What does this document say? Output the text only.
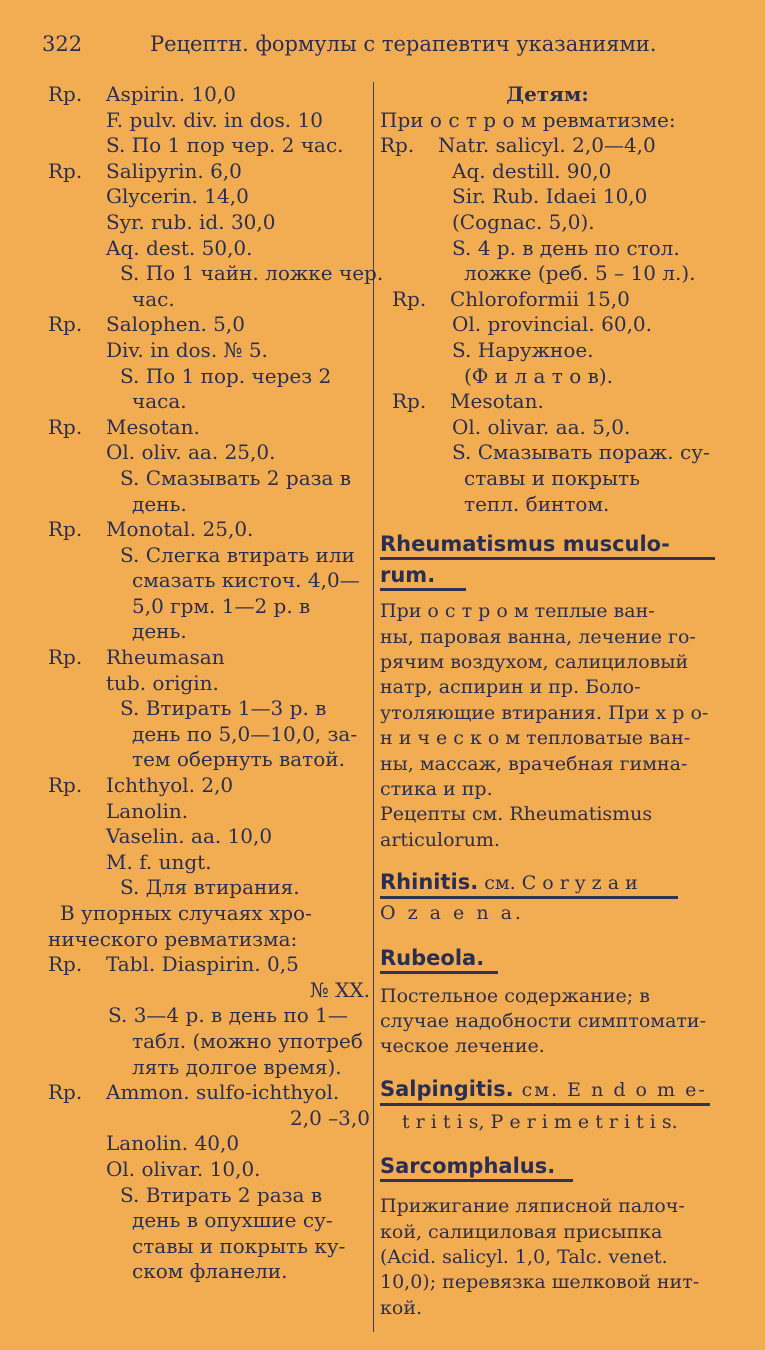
322	Рецептн. формулы с терапевтич указаниями.

Rp. Aspirin. 10,0

F. pulv. div. in dos. 10

S. По 1 пор чер. 2 час.

Rp. Salipyrin. 6,0

Glycerin. 14,0

Syr. rub. id. 30,0

Aq. dest. 50,0.

S. По 1 чайн. ложке чер.

час.

Rp. Salophen. 5,0

Div. in dos. № 5.

S. По 1 пор. через 2

часа.

Rp. Mesotan.

Ol. oliv. aa. 25,0.

S. Смазывать 2 раза в

день.

Rp. Monotal. 25,0.

S. Слегка втирать или

смазать кисточ. 4,0—

5,0 грм. 1—2 р. в

день.

Rp. Rheumasan

tub. origin.

S. Втирать 1—3 р. в

день по 5,0—10,0, за-

тем обернуть ватой.

Rp. Ichthyol. 2,0

Lanolin.

Vaselin. aa. 10,0

M. f. ungt.

S. Для втирания.

В упорных случаях хро-

нического ревматизма:

Rp. Tabl. Diaspirin. 0,5

№ XX.

S. 3—4 р. в день по 1—

табл. (можно употреб

лять долгое время).

Rp. Ammon. sulfo-ichthyol.

2,0 –3,0

Lanolin. 40,0

Ol. olivar. 10,0.

S. Втирать 2 раза в

день в опухшие су-

ставы и покрыть ку-

ском фланели.

Детям:

При о с т р о м ревматизме:

Rp. Natr. salicyl. 2,0—4,0

Aq. destill. 90,0

Sir. Rub. Idaei 10,0

(Cognac. 5,0).

S. 4 р. в день по стол.

ложке (реб. 5 – 10 л.).

Rp. Chloroformii 15,0

Ol. provincial. 60,0.

S. Наружное.

(Ф и л а т о в).

Rp. Mesotan.

Ol. olivar. aa. 5,0.

S. Смазывать пораж. су-

ставы и покрыть

тепл. бинтом.

Rheumatismus musculo-

rum.

При о с т р о м теплые ван-

ны, паровая ванна, лечение го-

рячим воздухом, салициловый

натр, аспирин и пр. Боло-

утоляющие втирания. При х р о-

н и ч е с к о м тепловатые ван-

ны, массаж, врачебная гимна-

стика и пр.

Рецепты см. Rheumatismus

articulorum.

Rhinitis. см. C o r y z a и

O z a e n a.

Rubeola.

Постельное содержание; в

случае надобности симптомати-

ческое лечение.

Salpingitis. см. E n d o m e-

t r i t i s, P e r i m e t r i t i s.

Sarcomphalus.

Прижигание ляписной палоч-

кой, салициловая присыпка

(Acid. salicyl. 1,0, Talc. venet.

10,0); перевязка шелковой нит-

кой.
